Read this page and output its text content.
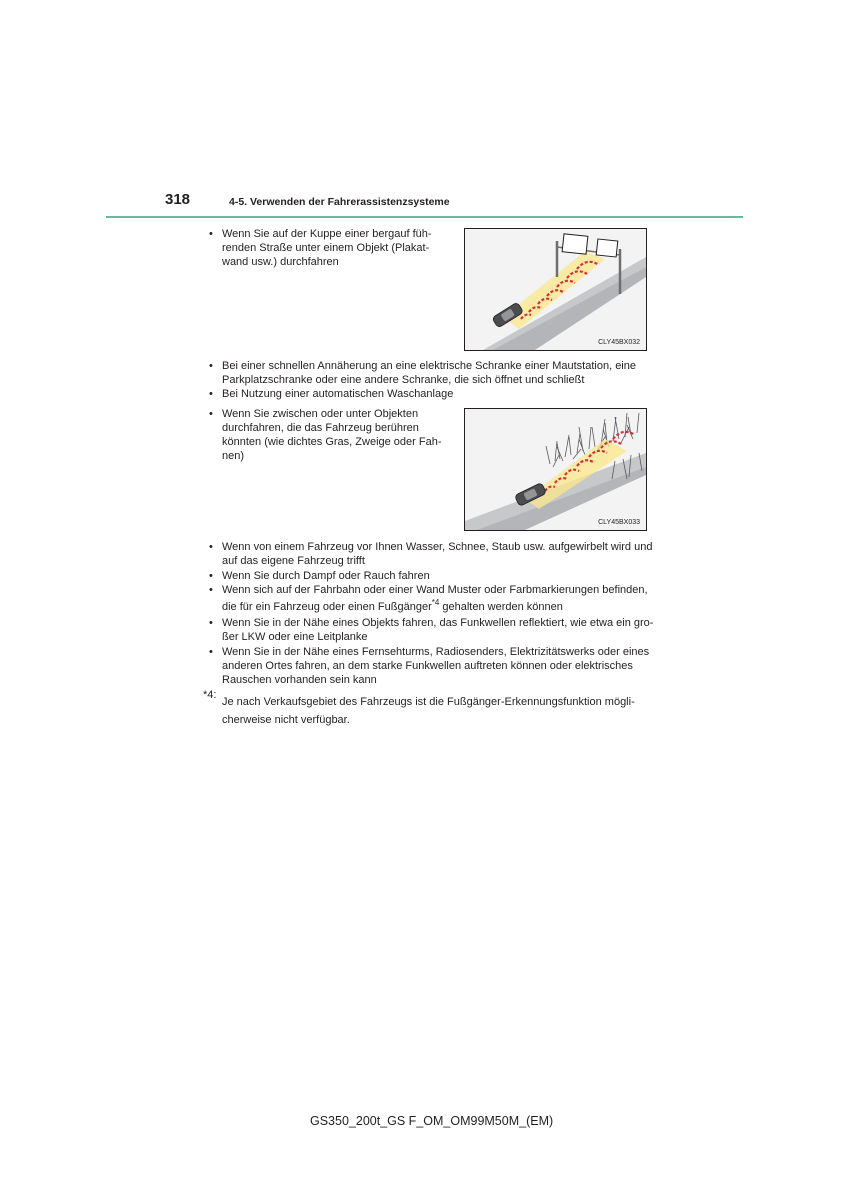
318	4-5. Verwenden der Fahrerassistenzsysteme
• Wenn Sie auf der Kuppe einer bergauf füh-
renden Straße unter einem Objekt (Plakat-
wand usw.) durchfahren
CLY45BX032
• Bei einer schnellen Annäherung an eine elektrische Schranke einer Mautstation, eine
Parkplatzschranke oder eine andere Schranke, die sich öffnet und schließt
• Bei Nutzung einer automatischen Waschanlage
• Wenn Sie zwischen oder unter Objekten
durchfahren, die das Fahrzeug berühren
könnten (wie dichtes Gras, Zweige oder Fah-
nen)
CLY45BX033
• Wenn von einem Fahrzeug vor Ihnen Wasser, Schnee, Staub usw. aufgewirbelt wird und
auf das eigene Fahrzeug trifft
• Wenn Sie durch Dampf oder Rauch fahren
• Wenn sich auf der Fahrbahn oder einer Wand Muster oder Farbmarkierungen befinden,
die für ein Fahrzeug oder einen Fußgänger$^{*4}$ gehalten werden können
• Wenn Sie in der Nähe eines Objekts fahren, das Funkwellen reflektiert, wie etwa ein gro-
ßer LKW oder eine Leitplanke
• Wenn Sie in der Nähe eines Fernsehturms, Radiosenders, Elektrizitätswerks oder eines
anderen Ortes fahren, an dem starke Funkwellen auftreten können oder elektrisches
Rauschen vorhanden sein kann
*4:
Je nach Verkaufsgebiet des Fahrzeugs ist die Fußgänger-Erkennungsfunktion mögli-
cherweise nicht verfügbar.
GS350_200t_GS F_OM_OM99M50M_(EM)
